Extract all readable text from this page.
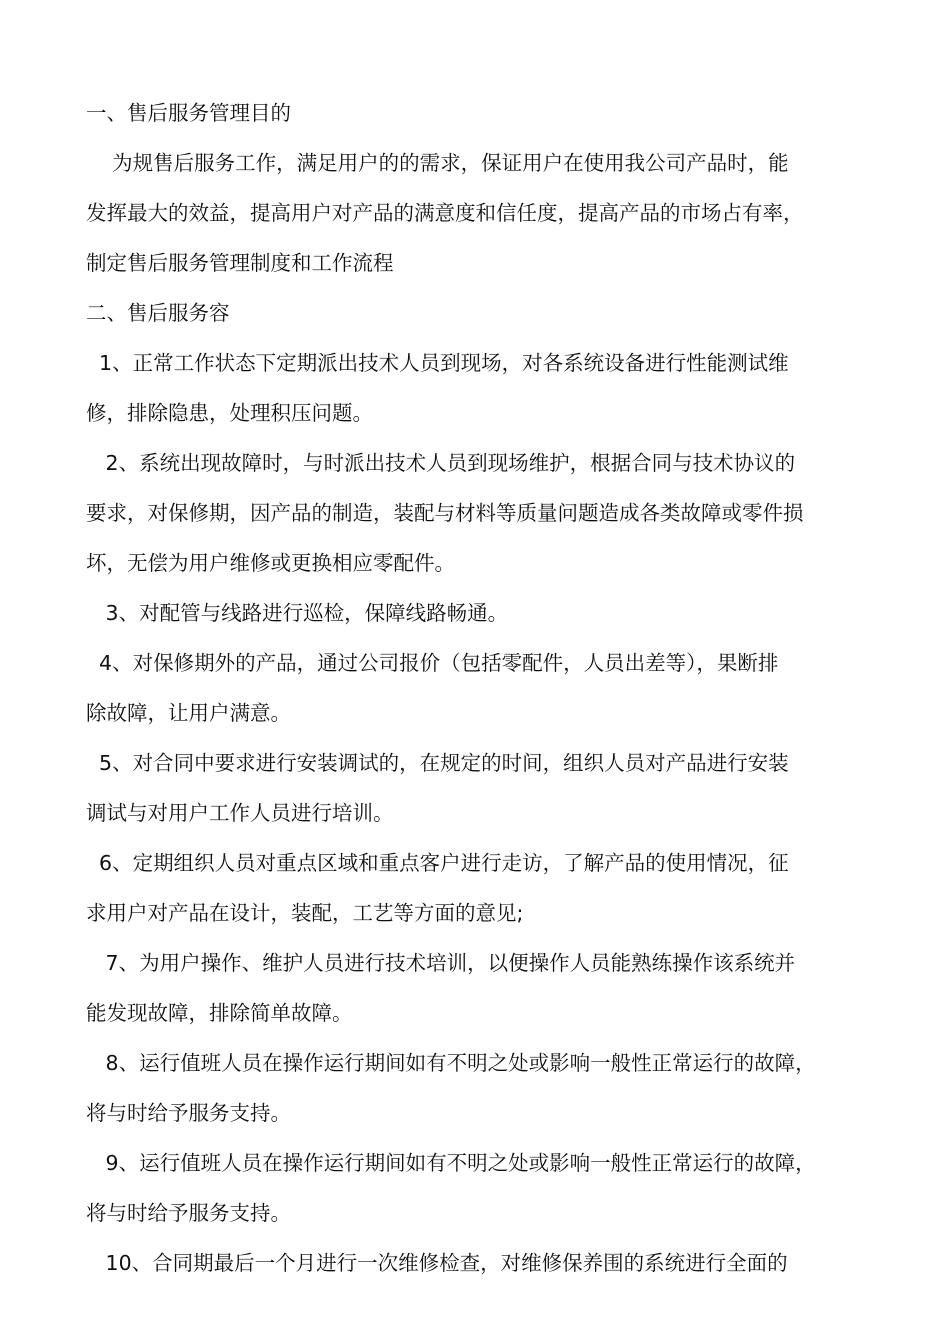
一、售后服务管理目的
为规售后服务工作，满足用户的的需求，保证用户在使用我公司产品时，能
发挥最大的效益，提高用户对产品的满意度和信任度，提高产品的市场占有率，
制定售后服务管理制度和工作流程
二、售后服务容
1、正常工作状态下定期派出技术人员到现场，对各系统设备进行性能测试维
修，排除隐患，处理积压问题。
2、系统出现故障时，与时派出技术人员到现场维护，根据合同与技术协议的
要求，对保修期，因产品的制造，装配与材料等质量问题造成各类故障或零件损
坏，无偿为用户维修或更换相应零配件。
3、对配管与线路进行巡检，保障线路畅通。
4、对保修期外的产品，通过公司报价（包括零配件，人员出差等），果断排
除故障，让用户满意。
5、对合同中要求进行安装调试的，在规定的时间，组织人员对产品进行安装
调试与对用户工作人员进行培训。
6、定期组织人员对重点区域和重点客户进行走访，了解产品的使用情况，征
求用户对产品在设计，装配，工艺等方面的意见;
7、为用户操作、维护人员进行技术培训，以便操作人员能熟练操作该系统并
能发现故障，排除简单故障。
8、运行值班人员在操作运行期间如有不明之处或影响一般性正常运行的故障，
将与时给予服务支持。
9、运行值班人员在操作运行期间如有不明之处或影响一般性正常运行的故障，
将与时给予服务支持。
10、合同期最后一个月进行一次维修检查，对维修保养围的系统进行全面的
